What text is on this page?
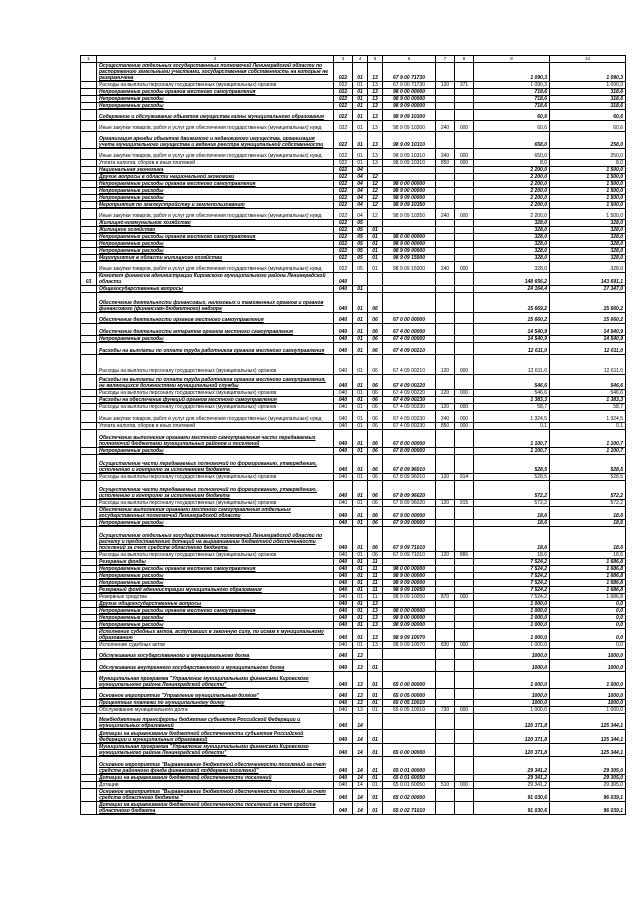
1	2	3	4	5	6	7	8	9	10
	Осуществление отдельных государственных полномочий Ленинградской области по распоряжению земельными участками, государственная собственность на которые не разграничена	022	01	13	67 9 00 71730			1 090,3	1 090,3
	Расходы на выплаты персоналу государственных (муниципальных) органов	022	01	13	67 9 00 71730	120	371	1 090,3	1 090,3
	Непрограммные расходы органов местного самоуправления	022	01	13	98 0 00 00000			718,6	318,6
	Непрограммные расходы	022	01	13	98 9 00 00000			718,6	318,6
	Непрограммные расходы	022	01	13	98 9 09 00000			718,6	318,6
	Содержание и обслуживание объектов имущества казны муниципального образования	022	01	13	98 9 09 10300			60,6	60,6
	Иные закупки товаров, работ и услуг для обеспечения государственных (муниципальных) нужд	022	01	13	98 9 09 10300	240	000	60,6	60,6
	Организация аренды объектов движимого и недвижимого имущества, организация учета муниципального имущества и ведение реестра муниципальной собственности	022	01	13	98 9 09 10310			658,0	258,0
	Иные закупки товаров, работ и услуг для обеспечения государственных (муниципальных) нужд	022	01	13	98 9 09 10310	240	000	650,0	250,0
	Уплата налогов, сборов и иных платежей	022	01	13	98 9 09 10310	850	000	8,0	8,0
	Национальная экономика	022	04					2 200,0	1 500,0
	Другие вопросы в области национальной экономики	022	04	12				2 200,0	1 500,0
	Непрограммные расходы органов местного самоуправления	022	04	12	98 0 00 00000			2 200,0	1 500,0
	Непрограммные расходы	022	04	12	98 9 00 00000			2 200,0	1 500,0
	Непрограммные расходы	022	04	12	98 9 09 00000			2 200,0	1 500,0
	Мероприятия по землеустройству и землепользованию	022	04	12	98 9 09 10350			2 200,0	1 500,0
	Иные закупки товаров, работ и услуг для обеспечения государственных (муниципальных) нужд	022	04	12	98 9 09 10350	240	000	2 200,0	1 500,0
	Жилищно-коммунальное хозяйство	022	05					328,0	328,0
	Жилищное хозяйство	022	05	01				328,0	328,0
	Непрограммные расходы органов местного самоуправления	022	05	01	98 0 00 00000			328,0	328,0
	Непрограммные расходы	022	05	01	98 9 00 00000			328,0	328,0
	Непрограммные расходы	022	05	01	98 9 09 00000			328,0	328,0
	Мероприятия в области жилищного хозяйства	022	05	01	98 9 09 15000			328,0	328,0
	Иные закупки товаров, работ и услуг для обеспечения государственных (муниципальных) нужд	022	05	01	98 9 09 15000	240	000	328,0	328,0
03	Комитет финансов администрации Кировского муниципального района Ленинградской области	040						148 656,2	143 691,1
	Общегосударственные вопросы	040	01					24 164,4	17 347,0
	Обеспечение деятельности финансовых, налоговых и таможенных органов и органов финансового (финансово-бюджетного) надзора	040	01	06				15 669,2	15 660,2
	Обеспечение деятельности органов местного самоуправления	040	01	06	67 0 00 00000			15 660,2	15 660,2
	Обеспечение деятельности аппаратов органов местного самоуправления	040	01	06	67 4 00 00000			14 540,9	14 540,9
	Непрограммные расходы	040	01	06	67 4 09 00000			14 540,9	14 540,9
	Расходы на выплаты по оплате труда работников органов местного самоуправления	040	01	06	67 4 09 00210			12 611,0	12 611,0
	Расходы на выплаты персоналу государственных (муниципальных) органов	040	01	06	67 4 09 00210	120	000	12 611,0	12 611,0
	Расходы на выплаты по оплате труда работников органов местного самоуправления, не являющихся должностями муниципальной службы	040	01	06	67 4 09 00220			546,6	546,6
	Расходы на выплаты персоналу государственных (муниципальных) органов	040	01	06	67 4 09 00220	120	000	546,6	546,6
	Расходы на обеспечение функций органов местного самоуправления	040	01	06	67 4 09 00230			1 383,3	1 383,3
	Расходы на выплаты персоналу государственных (муниципальных) органов	040	01	06	67 4 09 00230	120	000	58,7	58,7
	Иные закупки товаров, работ и услуг для обеспечения государственных (муниципальных) нужд	040	01	06	67 4 09 00230	240	000	1 324,5	1 324,5
	Уплата налогов, сборов и иных платежей	040	01	06	67 4 09 00230	850	000	0,1	0,1
	Обеспечение выполнения органами местного самоуправления части передаваемых полномочий бюджетами муниципальных районов и поселений	040	01	06	67 8 00 00000			1 100,7	1 100,7
	Непрограммные расходы	040	01	06	67 8 09 00000			1 100,7	1 100,7
	Осуществление части передаваемых полномочий по формированию, утверждению, исполнению и контролю за исполнением бюджета	040	01	06	67 8 09 96010			528,5	528,5
	Расходы на выплаты персоналу государственных (муниципальных) органов	040	01	06	67 8 09 96010	120	914	528,5	528,5
	Осуществление части передаваемых полномочий по формированию, утверждению, исполнению и контролю за исполнением бюджета	040	01	06	67 8 09 96020			572,2	572,2
	Расходы на выплаты персоналу государственных (муниципальных) органов	040	01	06	67 8 09 96020	120	915	572,2	572,2
	Обеспечение выполнения органами местного самоуправления отдельных государственных полномочий Ленинградской области	040	01	06	67 9 00 00000			18,6	18,6
	Непрограммные расходы	040	01	06	67 9 09 00000			18,6	18,6
	Осуществление отдельных государственных полномочий Ленинградской области по расчету и предоставлению дотаций на выравнивание бюджетной обеспеченности поселений за счет средств областного бюджета	040	01	06	67 9 09 71010			18,6	18,6
	Расходы на выплаты персоналу государственных (муниципальных) органов	040	01	06	67 9 09 71010	120	886	18,6	18,6
	Резервные фонды	040	01	11				7 524,2	1 686,8
	Непрограммные расходы органов местного самоуправления	040	01	11	98 0 00 00000			7 524,2	1 686,8
	Непрограммные расходы	040	01	11	98 9 00 00000			7 524,2	1 686,8
	Непрограммные расходы	040	01	11	98 9 09 00000			7 524,2	1 686,8
	Резервный фонд администрации муниципального образования	040	01	11	98 9 09 10050			7 524,2	1 686,8
	Резервные средства	040	01	11	98 9 09 10050	870	000	7 524,2	1 686,8
	Другие общегосударственные вопросы	040	01	13				1 000,0	0,0
	Непрограммные расходы органов местного самоуправления	040	01	13	98 0 00 00000			1 000,0	0,0
	Непрограммные расходы	040	01	13	98 9 00 00000			1 000,0	0,0
	Непрограммные расходы	040	01	13	98 9 09 00000			1 000,0	0,0
	Исполнение судебных актов, вступивших в законную силу, по искам к муниципальному образованию	040	01	13	98 9 09 10070			1 000,0	0,0
	Исполнение судебных актов	040	01	13	98 9 09 10070	830	000	1 000,0	0,0
	Обслуживание государственного и муниципального долга	040	13					1000,0	1000,0
	Обслуживание внутреннего государственного и муниципального долга	040	13	01				1000,0	1000,0
	Муниципальная программа "Управление муниципальными финансами Кировского муниципального района Ленинградской области"	040	13	01	65 0 00 00000			1 000,0	1 000,0
	Основное мероприятие "Управление муниципальным долгом"	040	13	01	65 0 05 00000			1000,0	1000,0
	Процентные платежи по муниципальному долгу	040	13	01	65 0 05 10010			1000,0	1000,0
	Обслуживание муниципального долга	040	13	01	65 0 05 10010	730	000	1 000,0	1 000,0
	Межбюджетные трансферты бюджетам субъектов Российской Федерации и муниципальных образований	040	14					120 371,8	125 344,1
	Дотации на выравнивание бюджетной обеспеченности субъектов Российской Федерации и муниципальных образований	040	14	01				120 371,8	125 344,1
	Муниципальная программа "Управление муниципальными финансами Кировского муниципального района Ленинградской области"	040	14	01	65 0 00 00000			120 371,8	125 344,1
	Основное мероприятие "Выравнивание бюджетной обеспеченности поселений за счет средств районного фонда финансовой поддержки поселений"	040	14	01	65 0 01 00000			29 341,2	29 305,0
	Дотации на выравнивание бюджетной обеспеченности поселений	040	14	01	65 0 01 60050			29 341,2	29 305,0
	Дотации	040	14	01	65 0 01 60050	510	000	29 341,2	29 305,0
	Основное мероприятие "Выравнивание бюджетной обеспеченности поселений за счет средств областного бюджета "	040	14	01	65 0 02 00000			91 030,6	96 039,1
	Дотации на выравнивание бюджетной обеспеченности поселений за счет средств областного бюджета	040	14	01	65 0 02 71010			91 030,6	96 039,1
